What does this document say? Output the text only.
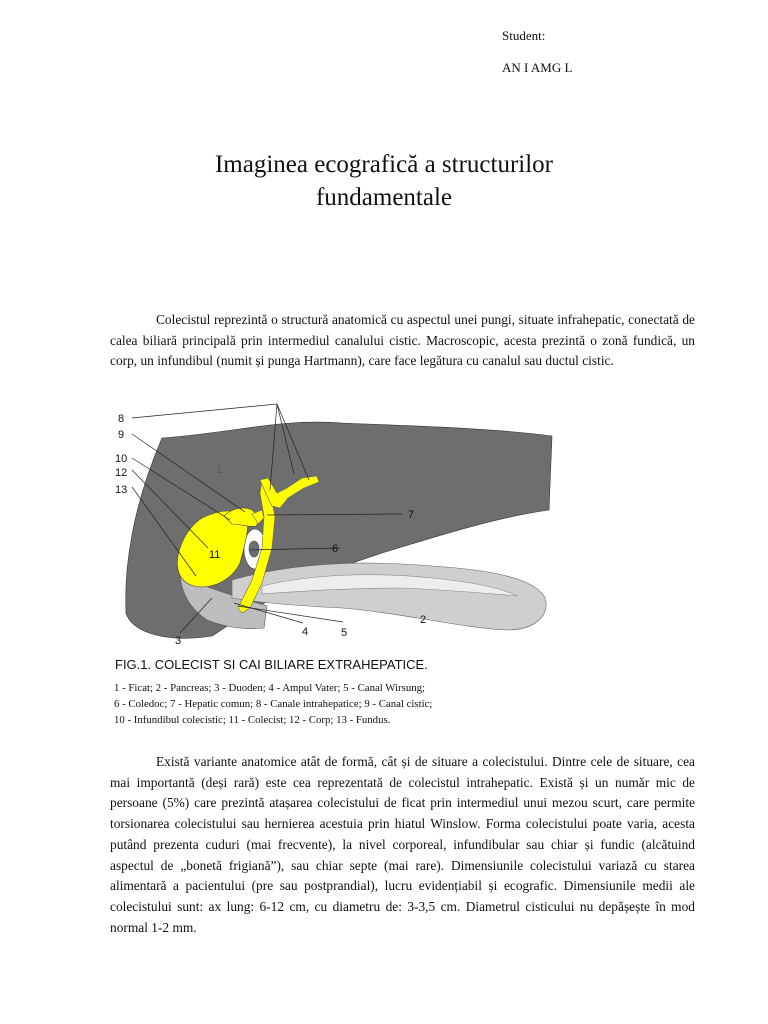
Student:
AN I AMG L
Imaginea ecografică a structurilor
fundamentale
Colecistul reprezintă o structură anatomică cu aspectul unei pungi, situate infrahepatic, conectată de calea biliară principală prin intermediul canalului cistic. Macroscopic, acesta prezintă o zonă fundică, un corp, un infundibul (numit și punga Hartmann), care face legătura cu canalul sau ductul cistic.
8
9
10
12
13
1
11
7
6
2
4	5
3
FIG.1. COLECIST SI CAI BILIARE EXTRAHEPATICE.
1 - Ficat; 2 - Pancreas; 3 - Duoden; 4 - Ampul Vater; 5 - Canal Wirsung;
6 - Coledoc; 7 - Hepatic comun; 8 - Canale intrahepatice; 9 - Canal cistic;
10 - Infundibul colecistic; 11 - Colecist; 12 - Corp; 13 - Fundus.
Există variante anatomice atât de formă, cât și de situare a colecistului. Dintre cele de situare, cea mai importantă (deși rară) este cea reprezentată de colecistul intrahepatic. Există și un număr mic de persoane (5%) care prezintă atașarea colecistului de ficat prin intermediul unui mezou scurt, care permite torsionarea colecistului sau hernierea acestuia prin hiatul Winslow. Forma colecistului poate varia, acesta putând prezenta cuduri (mai frecvente), la nivel corporeal, infundibular sau chiar și fundic (alcătuind aspectul de „bonetă frigiană”), sau chiar septe (mai rare). Dimensiunile colecistului variază cu starea alimentară a pacientului (pre sau postprandial), lucru evidențiabil și ecografic. Dimensiunile medii ale colecistului sunt: ax lung: 6-12 cm, cu diametru de: 3-3,5 cm. Diametrul cisticului nu depășește în mod normal 1-2 mm.
